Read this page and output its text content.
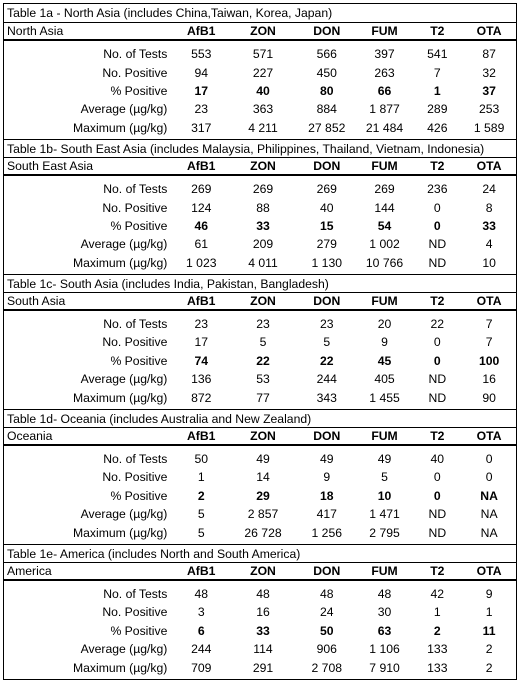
Table 1a - North Asia (includes China,Taiwan, Korea, Japan)
North Asia	AfB1	ZON	DON	FUM	T2	OTA
No. of Tests	553	571	566	397	541	87
No. Positive	94	227	450	263	7	32
% Positive	17	40	80	66	1	37
Average (µg/kg)	23	363	884	1 877	289	253
Maximum (µg/kg)	317	4 211	27 852	21 484	426	1 589
Table 1b- South East Asia (includes Malaysia, Philippines, Thailand, Vietnam, Indonesia)
South East Asia	AfB1	ZON	DON	FUM	T2	OTA
No. of Tests	269	269	269	269	236	24
No. Positive	124	88	40	144	0	8
% Positive	46	33	15	54	0	33
Average (µg/kg)	61	209	279	1 002	ND	4
Maximum (µg/kg)	1 023	4 011	1 130	10 766	ND	10
Table 1c- South Asia (includes India, Pakistan, Bangladesh)
South Asia	AfB1	ZON	DON	FUM	T2	OTA
No. of Tests	23	23	23	20	22	7
No. Positive	17	5	5	9	0	7
% Positive	74	22	22	45	0	100
Average (µg/kg)	136	53	244	405	ND	16
Maximum (µg/kg)	872	77	343	1 455	ND	90
Table 1d- Oceania (includes Australia and New Zealand)
Oceania	AfB1	ZON	DON	FUM	T2	OTA
No. of Tests	50	49	49	49	40	0
No. Positive	1	14	9	5	0	0
% Positive	2	29	18	10	0	NA
Average (µg/kg)	5	2 857	417	1 471	ND	NA
Maximum (µg/kg)	5	26 728	1 256	2 795	ND	NA
Table 1e- America (includes North and South America)
America	AfB1	ZON	DON	FUM	T2	OTA
No. of Tests	48	48	48	48	42	9
No. Positive	3	16	24	30	1	1
% Positive	6	33	50	63	2	11
Average (µg/kg)	244	114	906	1 106	133	2
Maximum (µg/kg)	709	291	2 708	7 910	133	2
